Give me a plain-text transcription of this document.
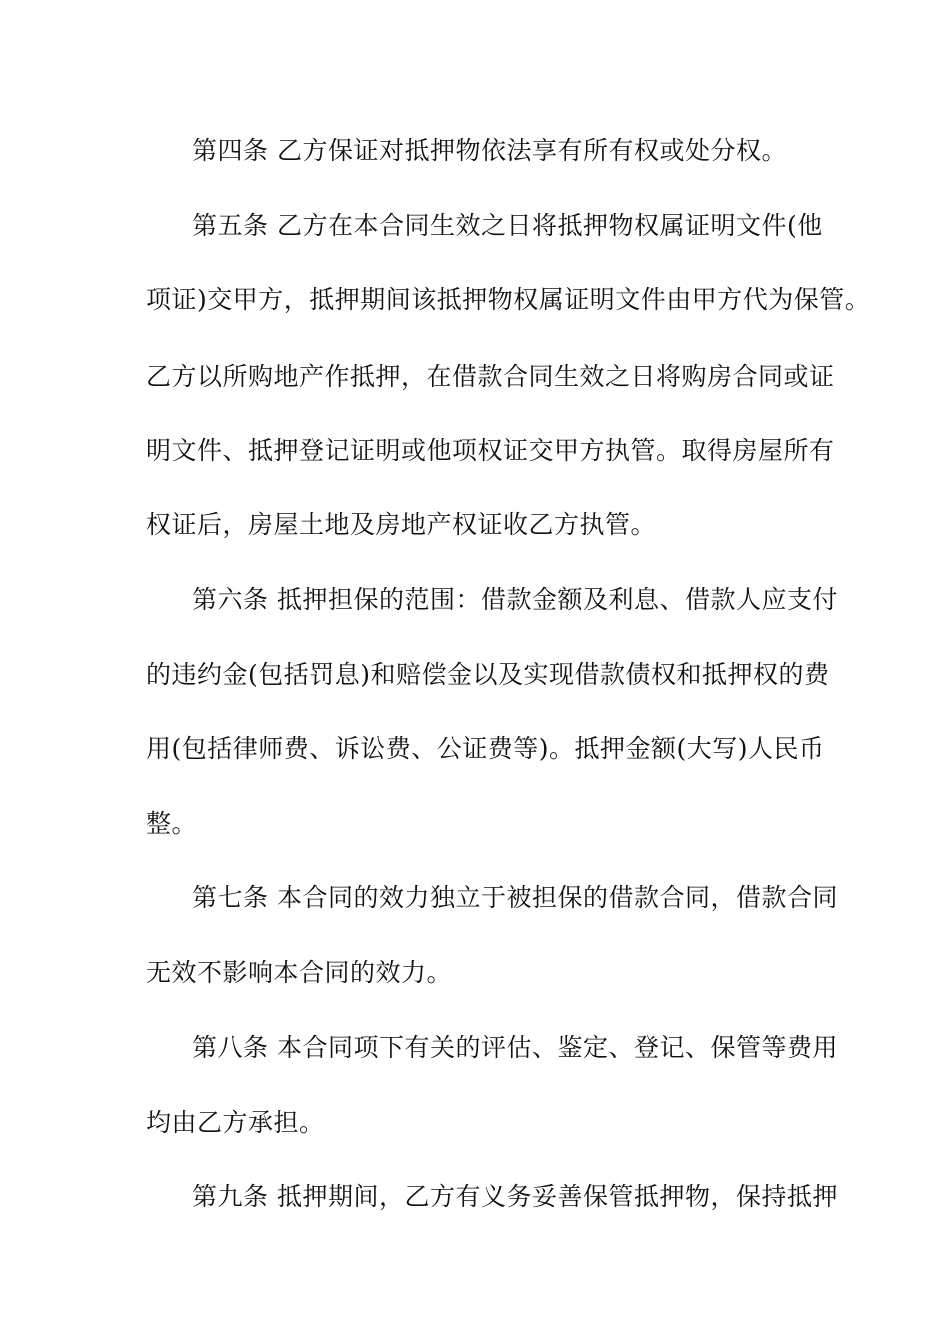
第四条 乙方保证对抵押物依法享有所有权或处分权。
第五条 乙方在本合同生效之日将抵押物权属证明文件(他
项证)交甲方，抵押期间该抵押物权属证明文件由甲方代为保管。
乙方以所购地产作抵押，在借款合同生效之日将购房合同或证
明文件、抵押登记证明或他项权证交甲方执管。取得房屋所有
权证后，房屋土地及房地产权证收乙方执管。
第六条 抵押担保的范围：借款金额及利息、借款人应支付
的违约金(包括罚息)和赔偿金以及实现借款债权和抵押权的费
用(包括律师费、诉讼费、公证费等)。抵押金额(大写)人民币
整。
第七条 本合同的效力独立于被担保的借款合同，借款合同
无效不影响本合同的效力。
第八条 本合同项下有关的评估、鉴定、登记、保管等费用
均由乙方承担。
第九条 抵押期间，乙方有义务妥善保管抵押物，保持抵押
